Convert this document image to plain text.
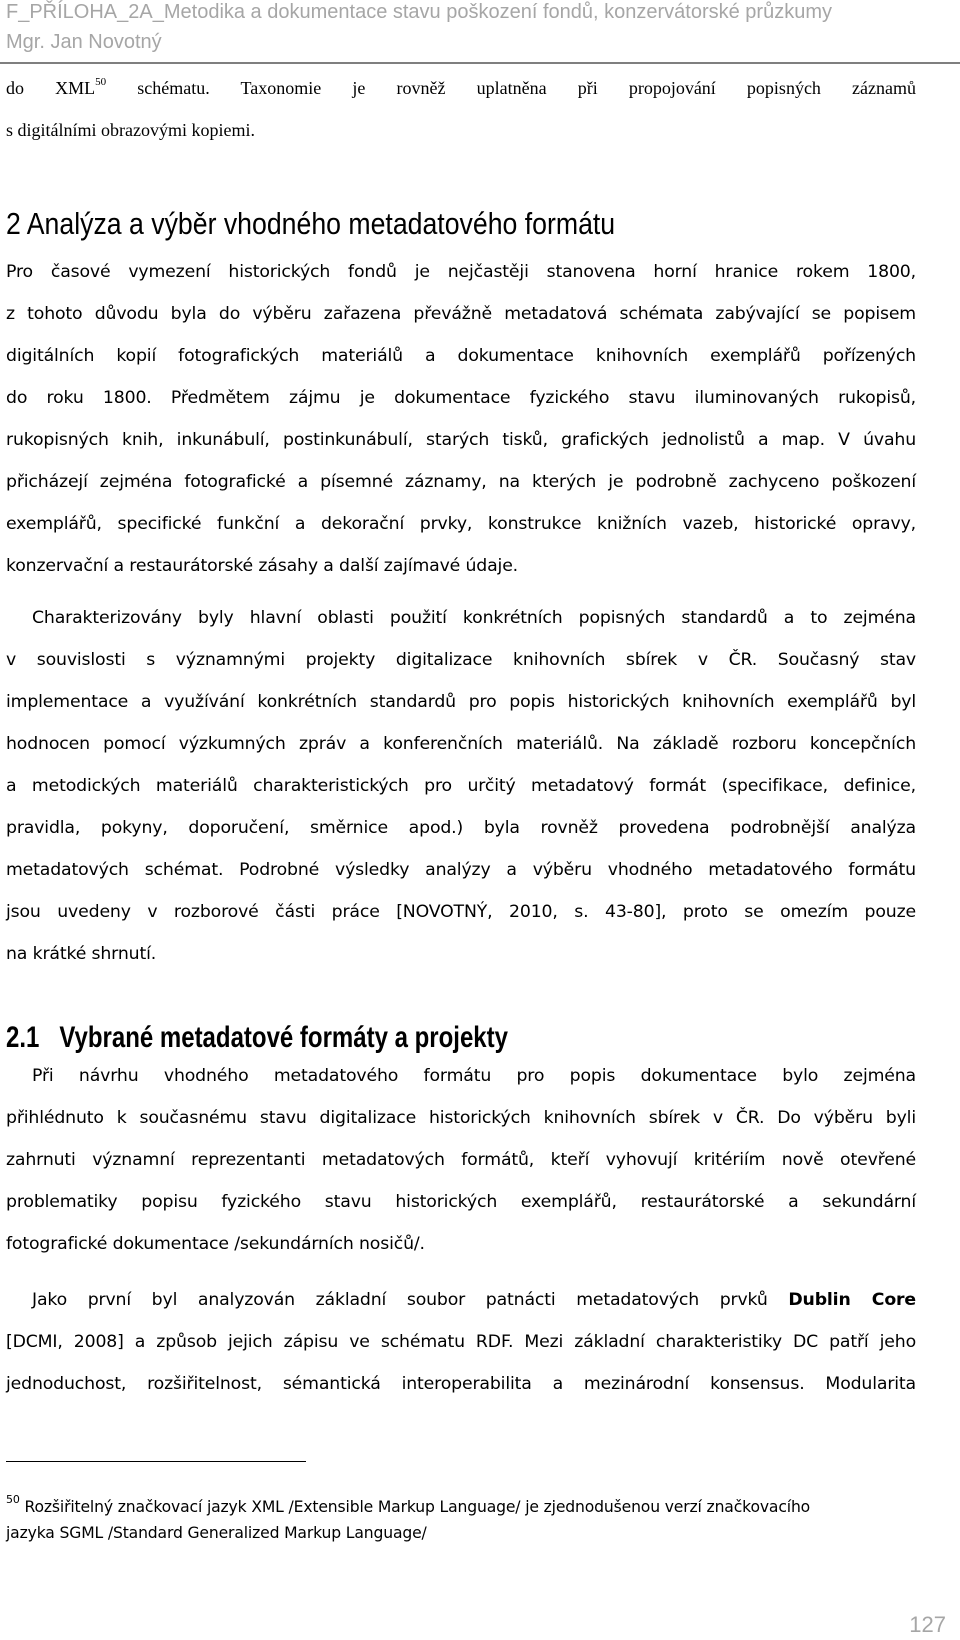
F_PŘÍLOHA_2A_Metodika a dokumentace stavu poškození fondů, konzervátorské průzkumy
Mgr. Jan Novotný
do XML$^{50}$ schématu. Taxonomie je rovněž uplatněna při propojování popisných záznamů
s digitálními obrazovými kopiemi.
2 Analýza a výběr vhodného metadatového formátu
Pro časové vymezení historických fondů je nejčastěji stanovena horní hranice rokem 1800,
z tohoto důvodu byla do výběru zařazena převážně metadatová schémata zabývající se popisem
digitálních kopií fotografických materiálů a dokumentace knihovních exemplářů pořízených
do roku 1800. Předmětem zájmu je dokumentace fyzického stavu iluminovaných rukopisů,
rukopisných knih, inkunábulí, postinkunábulí, starých tisků, grafických jednolistů a map. V úvahu
přicházejí zejména fotografické a písemné záznamy, na kterých je podrobně zachyceno poškození
exemplářů, specifické funkční a dekorační prvky, konstrukce knižních vazeb, historické opravy,
konzervační a restaurátorské zásahy a další zajímavé údaje.
Charakterizovány byly hlavní oblasti použití konkrétních popisných standardů a to zejména
v souvislosti s významnými projekty digitalizace knihovních sbírek v ČR. Současný stav
implementace a využívání konkrétních standardů pro popis historických knihovních exemplářů byl
hodnocen pomocí výzkumných zpráv a konferenčních materiálů. Na základě rozboru koncepčních
a metodických materiálů charakteristických pro určitý metadatový formát (specifikace, definice,
pravidla, pokyny, doporučení, směrnice apod.) byla rovněž provedena podrobnější analýza
metadatových schémat. Podrobné výsledky analýzy a výběru vhodného metadatového formátu
jsou uvedeny v rozborové části práce [NOVOTNÝ, 2010, s. 43-80], proto se omezím pouze
na krátké shrnutí.
2.1 Vybrané metadatové formáty a projekty
Při návrhu vhodného metadatového formátu pro popis dokumentace bylo zejména
přihlédnuto k současnému stavu digitalizace historických knihovních sbírek v ČR. Do výběru byli
zahrnuti významní reprezentanti metadatových formátů, kteří vyhovují kritériím nově otevřené
problematiky popisu fyzického stavu historických exemplářů, restaurátorské a sekundární
fotografické dokumentace /sekundárních nosičů/.
Jako první byl analyzován základní soubor patnácti metadatových prvků Dublin Core
[DCMI, 2008] a způsob jejich zápisu ve schématu RDF. Mezi základní charakteristiky DC patří jeho
jednoduchost, rozšiřitelnost, sémantická interoperabilita a mezinárodní konsensus. Modularita
$^{50}$ Rozšiřitelný značkovací jazyk XML /Extensible Markup Language/ je zjednodušenou verzí značkovacího
jazyka SGML /Standard Generalized Markup Language/
127
